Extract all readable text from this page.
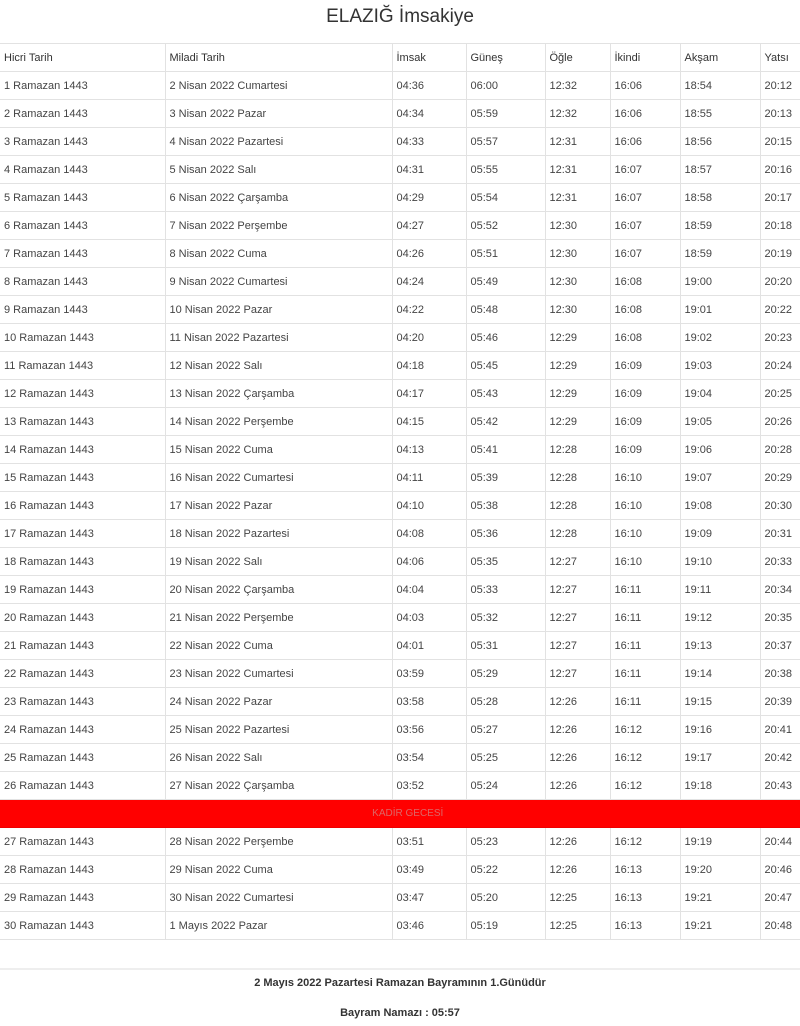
ELAZIĞ İmsakiye
Hicri Tarih	Miladi Tarih	İmsak	Güneş	Öğle	İkindi	Akşam	Yatsı
1 Ramazan 1443	2 Nisan 2022 Cumartesi	04:36	06:00	12:32	16:06	18:54	20:12
2 Ramazan 1443	3 Nisan 2022 Pazar	04:34	05:59	12:32	16:06	18:55	20:13
3 Ramazan 1443	4 Nisan 2022 Pazartesi	04:33	05:57	12:31	16:06	18:56	20:15
4 Ramazan 1443	5 Nisan 2022 Salı	04:31	05:55	12:31	16:07	18:57	20:16
5 Ramazan 1443	6 Nisan 2022 Çarşamba	04:29	05:54	12:31	16:07	18:58	20:17
6 Ramazan 1443	7 Nisan 2022 Perşembe	04:27	05:52	12:30	16:07	18:59	20:18
7 Ramazan 1443	8 Nisan 2022 Cuma	04:26	05:51	12:30	16:07	18:59	20:19
8 Ramazan 1443	9 Nisan 2022 Cumartesi	04:24	05:49	12:30	16:08	19:00	20:20
9 Ramazan 1443	10 Nisan 2022 Pazar	04:22	05:48	12:30	16:08	19:01	20:22
10 Ramazan 1443	11 Nisan 2022 Pazartesi	04:20	05:46	12:29	16:08	19:02	20:23
11 Ramazan 1443	12 Nisan 2022 Salı	04:18	05:45	12:29	16:09	19:03	20:24
12 Ramazan 1443	13 Nisan 2022 Çarşamba	04:17	05:43	12:29	16:09	19:04	20:25
13 Ramazan 1443	14 Nisan 2022 Perşembe	04:15	05:42	12:29	16:09	19:05	20:26
14 Ramazan 1443	15 Nisan 2022 Cuma	04:13	05:41	12:28	16:09	19:06	20:28
15 Ramazan 1443	16 Nisan 2022 Cumartesi	04:11	05:39	12:28	16:10	19:07	20:29
16 Ramazan 1443	17 Nisan 2022 Pazar	04:10	05:38	12:28	16:10	19:08	20:30
17 Ramazan 1443	18 Nisan 2022 Pazartesi	04:08	05:36	12:28	16:10	19:09	20:31
18 Ramazan 1443	19 Nisan 2022 Salı	04:06	05:35	12:27	16:10	19:10	20:33
19 Ramazan 1443	20 Nisan 2022 Çarşamba	04:04	05:33	12:27	16:11	19:11	20:34
20 Ramazan 1443	21 Nisan 2022 Perşembe	04:03	05:32	12:27	16:11	19:12	20:35
21 Ramazan 1443	22 Nisan 2022 Cuma	04:01	05:31	12:27	16:11	19:13	20:37
22 Ramazan 1443	23 Nisan 2022 Cumartesi	03:59	05:29	12:27	16:11	19:14	20:38
23 Ramazan 1443	24 Nisan 2022 Pazar	03:58	05:28	12:26	16:11	19:15	20:39
24 Ramazan 1443	25 Nisan 2022 Pazartesi	03:56	05:27	12:26	16:12	19:16	20:41
25 Ramazan 1443	26 Nisan 2022 Salı	03:54	05:25	12:26	16:12	19:17	20:42
26 Ramazan 1443	27 Nisan 2022 Çarşamba	03:52	05:24	12:26	16:12	19:18	20:43
KADİR GECESİ							
27 Ramazan 1443	28 Nisan 2022 Perşembe	03:51	05:23	12:26	16:12	19:19	20:44
28 Ramazan 1443	29 Nisan 2022 Cuma	03:49	05:22	12:26	16:13	19:20	20:46
29 Ramazan 1443	30 Nisan 2022 Cumartesi	03:47	05:20	12:25	16:13	19:21	20:47
30 Ramazan 1443	1 Mayıs 2022 Pazar	03:46	05:19	12:25	16:13	19:21	20:48
2 Mayıs 2022 Pazartesi Ramazan Bayramının 1.Günüdür
Bayram Namazı : 05:57
